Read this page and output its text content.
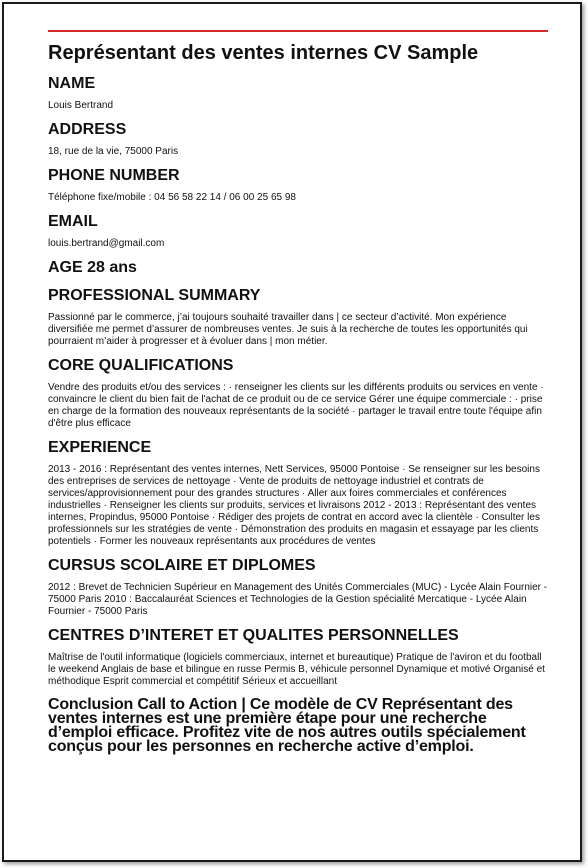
Représentant des ventes internes CV Sample
NAME

Louis Bertrand

ADDRESS

18, rue de la vie, 75000 Paris

PHONE NUMBER

Téléphone fixe/mobile : 04 56 58 22 14 / 06 00 25 65 98

EMAIL

louis.bertrand@gmail.com

AGE 28 ans
PROFESSIONAL SUMMARY

Passionné par le commerce, j’ai toujours souhaité travailler dans | ce secteur d’activité. Mon expérience diversifiée me permet d’assurer de nombreuses ventes. Je suis à la recherche de toutes les opportunités qui pourraient m’aider à progresser et à évoluer dans | mon métier.

CORE QUALIFICATIONS

Vendre des produits et/ou des services : · renseigner les clients sur les différents produits ou services en vente · convaincre le client du bien fait de l'achat de ce produit ou de ce service Gérer une équipe commerciale : · prise en charge de la formation des nouveaux représentants de la société · partager le travail entre toute l'équipe afin d'être plus efficace

EXPERIENCE

2013 - 2016 : Représentant des ventes internes, Nett Services, 95000 Pontoise · Se renseigner sur les besoins des entreprises de services de nettoyage · Vente de produits de nettoyage industriel et contrats de services/approvisionnement pour des grandes structures · Aller aux foires commerciales et conférences industrielles · Renseigner les clients sur produits, services et livraisons 2012 - 2013 : Représentant des ventes internes, Propindus, 95000 Pontoise · Rédiger des projets de contrat en accord avec la clientèle · Consulter les professionnels sur les stratégies de vente · Démonstration des produits en magasin et essayage par les clients potentiels · Former les nouveaux représentants aux procédures de ventes

CURSUS SCOLAIRE ET DIPLOMES

2012 : Brevet de Technicien Supérieur en Management des Unités Commerciales (MUC) - Lycée Alain Fournier - 75000 Paris 2010 : Baccalauréat Sciences et Technologies de la Gestion spécialité Mercatique - Lycée Alain Fournier - 75000 Paris

CENTRES D’INTERET ET QUALITES PERSONNELLES

Maîtrise de l'outil informatique (logiciels commerciaux, internet et bureautique) Pratique de l'aviron et du football le weekend Anglais de base et bilingue en russe Permis B, véhicule personnel Dynamique et motivé Organisé et méthodique Esprit commercial et compétitif Sérieux et accueillant

Conclusion Call to Action | Ce modèle de CV Représentant des ventes internes est une première étape pour une recherche d’emploi efficace. Profitez vite de nos autres outils spécialement conçus pour les personnes en recherche active d’emploi.
